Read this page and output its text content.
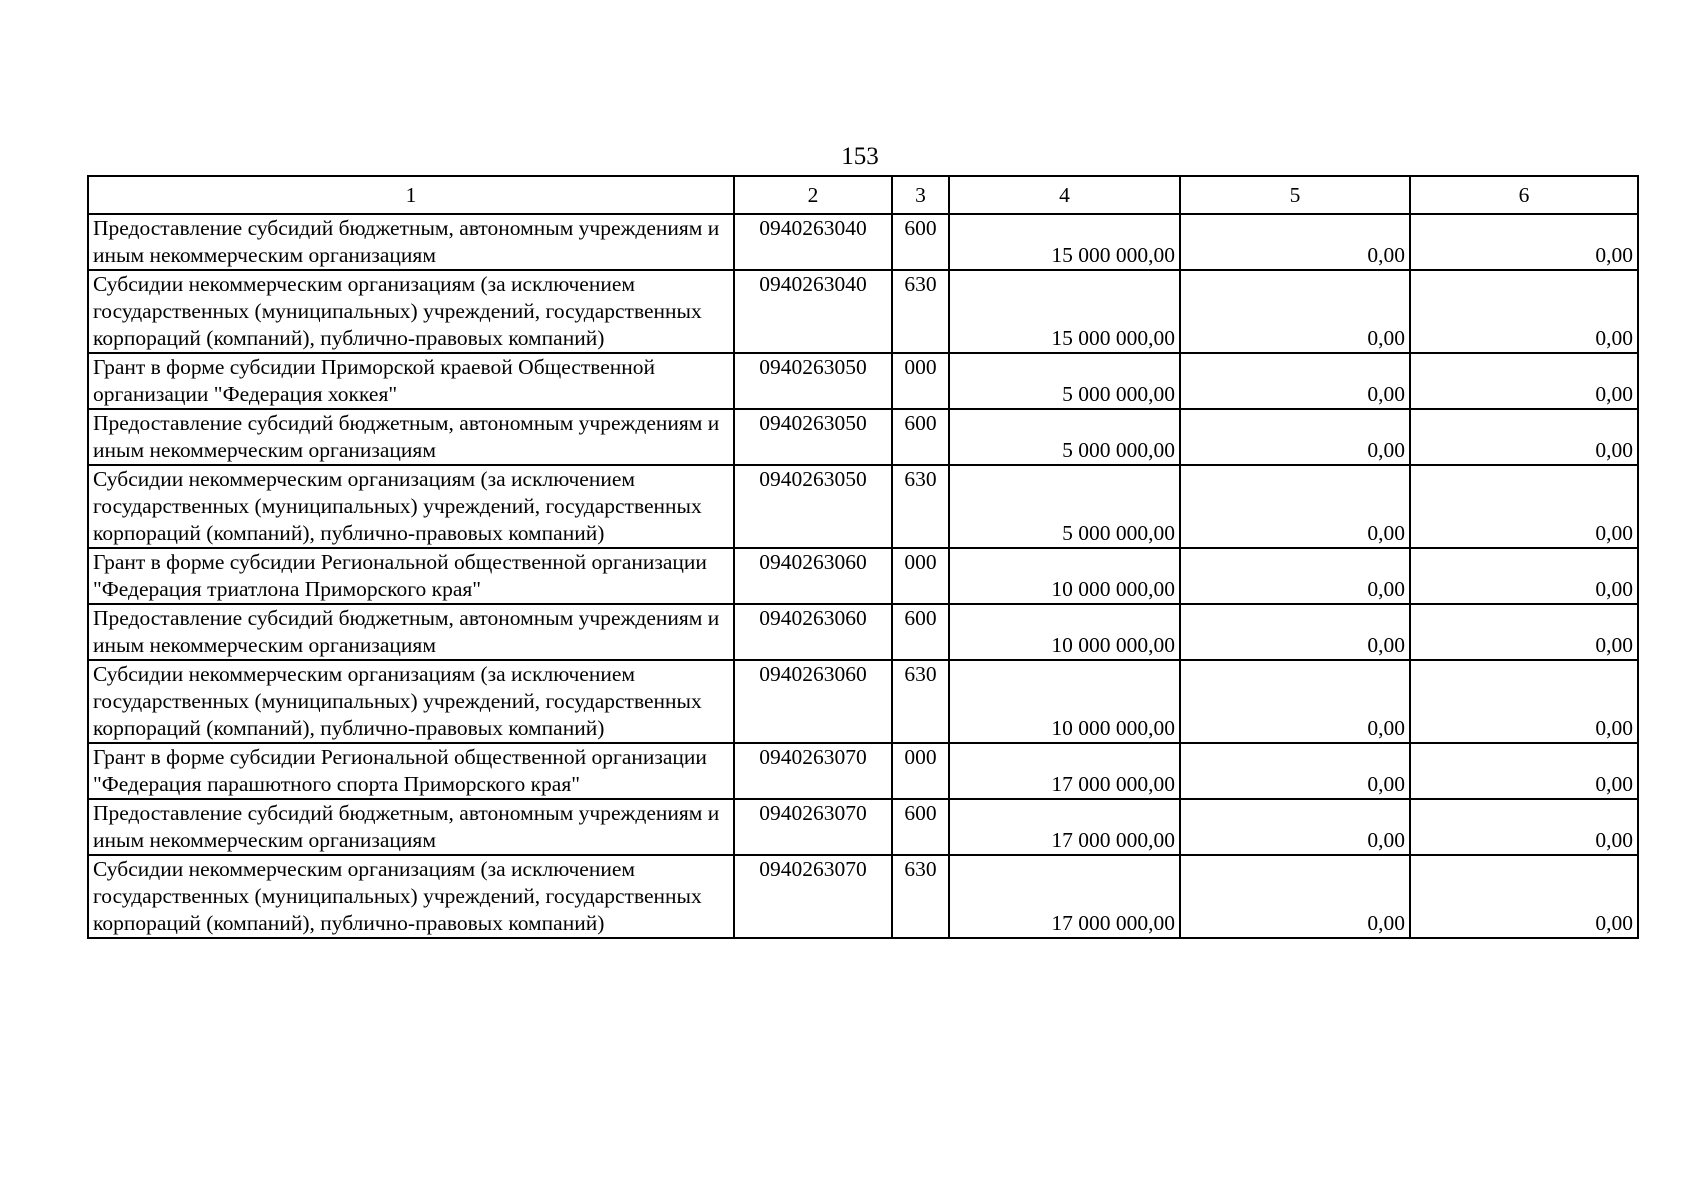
153
1	2	3	4	5	6
Предоставление субсидий бюджетным, автономным учреждениям и иным некоммерческим организациям	0940263040	600	15 000 000,00	0,00	0,00
Субсидии некоммерческим организациям (за исключением государственных (муниципальных) учреждений, государственных корпораций (компаний), публично-правовых компаний)	0940263040	630	15 000 000,00	0,00	0,00
Грант в форме субсидии Приморской краевой Общественной организации "Федерация хоккея"	0940263050	000	5 000 000,00	0,00	0,00
Предоставление субсидий бюджетным, автономным учреждениям и иным некоммерческим организациям	0940263050	600	5 000 000,00	0,00	0,00
Субсидии некоммерческим организациям (за исключением государственных (муниципальных) учреждений, государственных корпораций (компаний), публично-правовых компаний)	0940263050	630	5 000 000,00	0,00	0,00
Грант в форме субсидии Региональной общественной организации "Федерация триатлона Приморского края"	0940263060	000	10 000 000,00	0,00	0,00
Предоставление субсидий бюджетным, автономным учреждениям и иным некоммерческим организациям	0940263060	600	10 000 000,00	0,00	0,00
Субсидии некоммерческим организациям (за исключением государственных (муниципальных) учреждений, государственных корпораций (компаний), публично-правовых компаний)	0940263060	630	10 000 000,00	0,00	0,00
Грант в форме субсидии Региональной общественной организации "Федерация парашютного спорта Приморского края"	0940263070	000	17 000 000,00	0,00	0,00
Предоставление субсидий бюджетным, автономным учреждениям и иным некоммерческим организациям	0940263070	600	17 000 000,00	0,00	0,00
Субсидии некоммерческим организациям (за исключением государственных (муниципальных) учреждений, государственных корпораций (компаний), публично-правовых компаний)	0940263070	630	17 000 000,00	0,00	0,00
